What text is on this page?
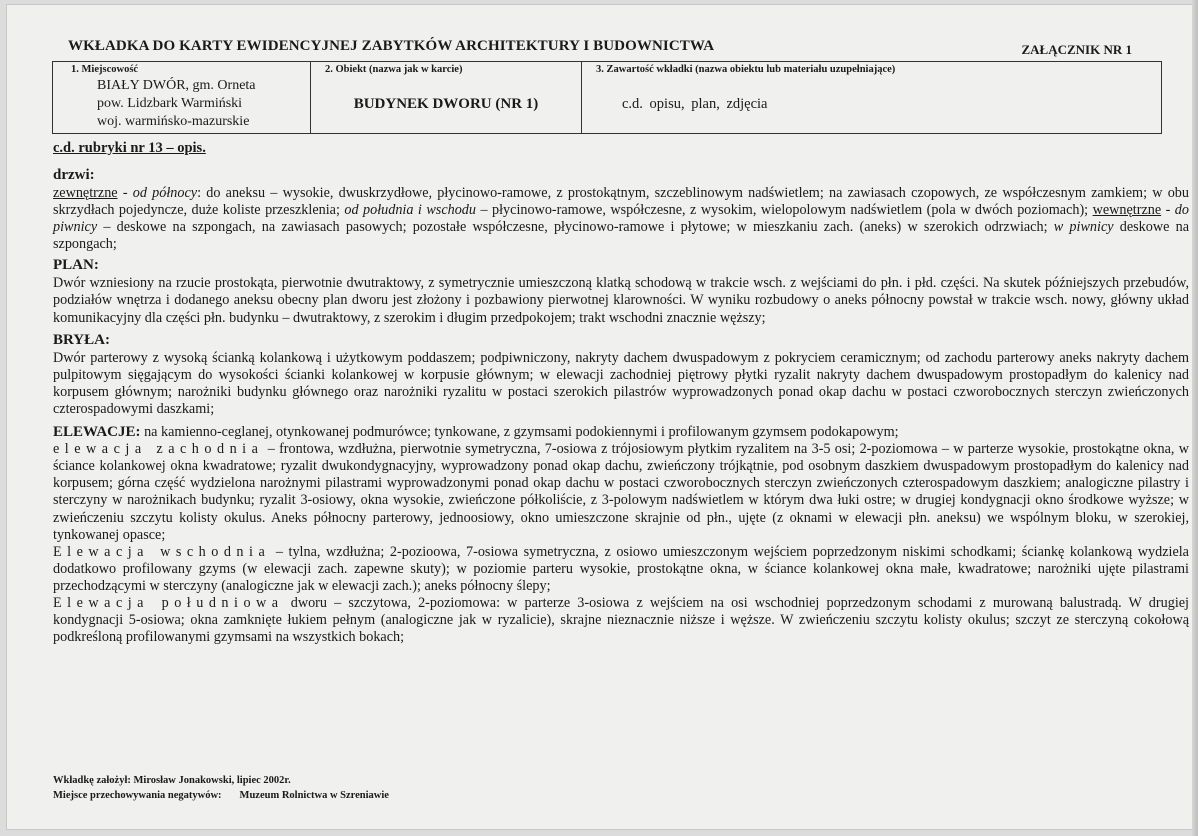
WKŁADKA DO KARTY EWIDENCYJNEJ ZABYTKÓW ARCHITEKTURY I BUDOWNICTWA	ZAŁĄCZNIK NR 1
1. Miejscowość
BIAŁY DWÓR, gm. Orneta
pow. Lidzbark Warmiński
woj. warmińsko-mazurskie
2. Obiekt (nazwa jak w karcie)
BUDYNEK DWORU (NR 1)
3. Zawartość wkładki (nazwa obiektu lub materiału uzupełniające)
c.d. opisu, plan, zdjęcia
c.d. rubryki nr 13 – opis.

drzwi:

zewnętrzne - od północy: do aneksu – wysokie, dwuskrzydłowe, płycinowo-ramowe, z prostokątnym, szczeblinowym nadświetlem; na zawiasach czopowych, ze współczesnym zamkiem; w obu skrzydłach pojedyncze, duże koliste przeszklenia; od południa i wschodu – płycinowo-ramowe, współczesne, z wysokim, wielopolowym nadświetlem (pola w dwóch poziomach); wewnętrzne - do piwnicy – deskowe na szpongach, na zawiasach pasowych; pozostałe współczesne, płycinowo-ramowe i płytowe; w mieszkaniu zach. (aneks) w szerokich odrzwiach; w piwnicy deskowe na szpongach;

PLAN:

Dwór wzniesiony na rzucie prostokąta, pierwotnie dwutraktowy, z symetrycznie umieszczoną klatką schodową w trakcie wsch. z wejściami do płn. i płd. części. Na skutek późniejszych przebudów, podziałów wnętrza i dodanego aneksu obecny plan dworu jest złożony i pozbawiony pierwotnej klarowności. W wyniku rozbudowy o aneks północny powstał w trakcie wsch. nowy, główny układ komunikacyjny dla części płn. budynku – dwutraktowy, z szerokim i długim przedpokojem; trakt wschodni znacznie węższy;

BRYŁA:

Dwór parterowy z wysoką ścianką kolankową i użytkowym poddaszem; podpiwniczony, nakryty dachem dwuspadowym z pokryciem ceramicznym; od zachodu parterowy aneks nakryty dachem pulpitowym sięgającym do wysokości ścianki kolankowej w korpusie głównym; w elewacji zachodniej piętrowy płytki ryzalit nakryty dachem dwuspadowym prostopadłym do kalenicy nad korpusem głównym; narożniki budynku głównego oraz narożniki ryzalitu w postaci szerokich pilastrów wyprowadzonych ponad okap dachu w postaci czworobocznych sterczyn zwieńczonych czterospadowymi daszkami;

ELEWACJE: na kamienno-ceglanej, otynkowanej podmurówce; tynkowane, z gzymsami podokiennymi i profilowanym gzymsem podokapowym;

elewacja zachodnia – frontowa, wzdłużna, pierwotnie symetryczna, 7-osiowa z trójosiowym płytkim ryzalitem na 3-5 osi; 2-poziomowa – w parterze wysokie, prostokątne okna, w ściance kolankowej okna kwadratowe; ryzalit dwukondygnacyjny, wyprowadzony ponad okap dachu, zwieńczony trójkątnie, pod osobnym daszkiem dwuspadowym prostopadłym do kalenicy nad korpusem; górna część wydzielona narożnymi pilastrami wyprowadzonymi ponad okap dachu w postaci czworobocznych sterczyn zwieńczonych czterospadowym daszkiem; analogiczne pilastry i sterczyny w narożnikach budynku; ryzalit 3-osiowy, okna wysokie, zwieńczone półkoliście, z 3-polowym nadświetlem w którym dwa łuki ostre; w drugiej kondygnacji okno środkowe wyższe; w zwieńczeniu szczytu kolisty okulus. Aneks północny parterowy, jednoosiowy, okno umieszczone skrajnie od płn., ujęte (z oknami w elewacji płn. aneksu) we wspólnym bloku, w szerokiej, tynkowanej opasce;

Elewacja wschodnia – tylna, wzdłużna; 2-pozioowa, 7-osiowa symetryczna, z osiowo umieszczonym wejściem poprzedzonym niskimi schodkami; ściankę kolankową wydziela dodatkowo profilowany gzyms (w elewacji zach. zapewne skuty); w poziomie parteru wysokie, prostokątne okna, w ściance kolankowej okna małe, kwadratowe; narożniki ujęte pilastrami przechodzącymi w sterczyny (analogiczne jak w elewacji zach.); aneks północny ślepy;

Elewacja południowa dworu – szczytowa, 2-poziomowa: w parterze 3-osiowa z wejściem na osi wschodniej poprzedzonym schodami z murowaną balustradą. W drugiej kondygnacji 5-osiowa; okna zamknięte łukiem pełnym (analogiczne jak w ryzalicie), skrajne nieznacznie niższe i węższe. W zwieńczeniu szczytu kolisty okulus; szczyt ze sterczyną cokołową podkreśloną profilowanymi gzymsami na wszystkich bokach;

Wkładkę założył: Mirosław Jonakowski, lipiec 2002r.
Miejsce przechowywania negatywów: Muzeum Rolnictwa w Szreniawie
